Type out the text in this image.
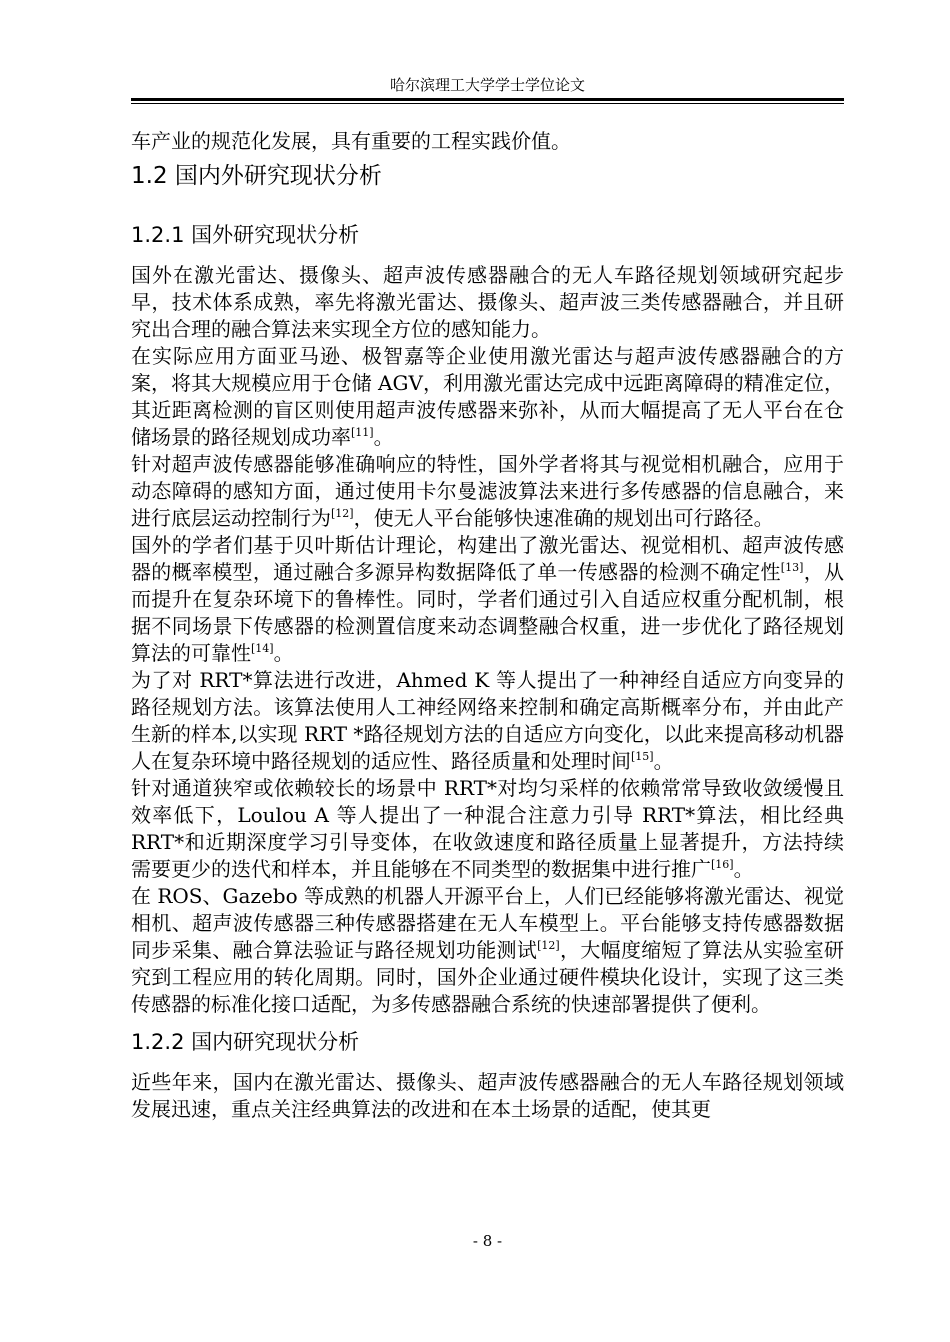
哈尔滨理工大学学士学位论文

车产业的规范化发展，具有重要的工程实践价值。

1.2 国内外研究现状分析
1.2.1 国外研究现状分析

国外在激光雷达、摄像头、超声波传感器融合的无人车路径规划领域研究起步早，技术体系成熟，率先将激光雷达、摄像头、超声波三类传感器融合，并且研究出合理的融合算法来实现全方位的感知能力。

在实际应用方面亚马逊、极智嘉等企业使用激光雷达与超声波传感器融合的方案，将其大规模应用于仓储 AGV，利用激光雷达完成中远距离障碍的精准定位，其近距离检测的盲区则使用超声波传感器来弥补，从而大幅提高了无人平台在仓储场景的路径规划成功率[11]。

针对超声波传感器能够准确响应的特性，国外学者将其与视觉相机融合，应用于动态障碍的感知方面，通过使用卡尔曼滤波算法来进行多传感器的信息融合，来进行底层运动控制行为[12]，使无人平台能够快速准确的规划出可行路径。

国外的学者们基于贝叶斯估计理论，构建出了激光雷达、视觉相机、超声波传感器的概率模型，通过融合多源异构数据降低了单一传感器的检测不确定性[13]，从而提升在复杂环境下的鲁棒性。同时，学者们通过引入自适应权重分配机制，根据不同场景下传感器的检测置信度来动态调整融合权重，进一步优化了路径规划算法的可靠性[14]。

为了对 RRT*算法进行改进，Ahmed K 等人提出了一种神经自适应方向变异的路径规划方法。该算法使用人工神经网络来控制和确定高斯概率分布，并由此产生新的样本,以实现 RRT *路径规划方法的自适应方向变化，以此来提高移动机器人在复杂环境中路径规划的适应性、路径质量和处理时间[15]。

针对通道狭窄或依赖较长的场景中 RRT*对均匀采样的依赖常常导致收敛缓慢且效率低下，Loulou A 等人提出了一种混合注意力引导 RRT*算法，相比经典 RRT*和近期深度学习引导变体，在收敛速度和路径质量上显著提升，方法持续需要更少的迭代和样本，并且能够在不同类型的数据集中进行推广[16]。

在 ROS、Gazebo 等成熟的机器人开源平台上，人们已经能够将激光雷达、视觉相机、超声波传感器三种传感器搭建在无人车模型上。平台能够支持传感器数据同步采集、融合算法验证与路径规划功能测试[12]，大幅度缩短了算法从实验室研究到工程应用的转化周期。同时，国外企业通过硬件模块化设计，实现了这三类传感器的标准化接口适配，为多传感器融合系统的快速部署提供了便利。

1.2.2 国内研究现状分析

近些年来，国内在激光雷达、摄像头、超声波传感器融合的无人车路径规划领域发展迅速，重点关注经典算法的改进和在本土场景的适配，使其更

- 8 -
